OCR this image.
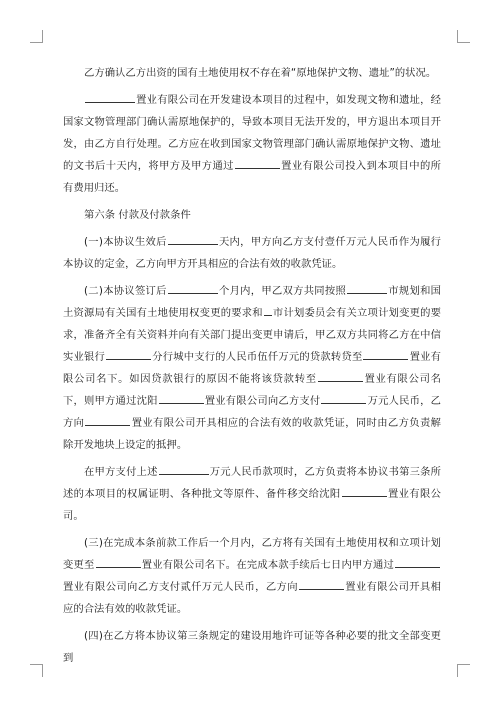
乙方确认乙方出资的国有土地使用权不存在着“原地保护文物、遗址”的状况。

置业有限公司在开发建设本项目的过程中，如发现文物和遗址，经国家文物管理部门确认需原地保护的，导致本项目无法开发的，甲方退出本项目开发，由乙方自行处理。乙方应在收到国家文物管理部门确认需原地保护文物、遗址的文书后十天内，将甲方及甲方通过	置业有限公司投入到本项目中的所有费用归还。

第六条 付款及付款条件

(一)本协议生效后	天内，甲方向乙方支付壹仟万元人民币作为履行本协议的定金，乙方向甲方开具相应的合法有效的收款凭证。

(二)本协议签订后	个月内，甲乙双方共同按照	市规划和国土资源局有关国有土地使用权变更的要求和 市计划委员会有关立项计划变更的要求，准备齐全有关资料并向有关部门提出变更申请后，甲乙双方共同将乙方在中信实业银行	分行城中支行的人民币伍仟万元的贷款转贷至	置业有限公司名下。如因贷款银行的原因不能将该贷款转至	置业有限公司名下，则甲方通过沈阳	置业有限公司向乙方支付	万元人民币，乙方向	置业有限公司开具相应的合法有效的收款凭证，同时由乙方负责解除开发地块上设定的抵押。

在甲方支付上述	万元人民币款项时，乙方负责将本协议书第三条所述的本项目的权属证明、各种批文等原件、备件移交给沈阳	置业有限公司。

(三)在完成本条前款工作后一个月内，乙方将有关国有土地使用权和立项计划变更至	置业有限公司名下。在完成本款手续后七日内甲方通过置业有限公司向乙方支付贰仟万元人民币，乙方向	置业有限公司开具相应的合法有效的收款凭证。

(四)在乙方将本协议第三条规定的建设用地许可证等各种必要的批文全部变更到
